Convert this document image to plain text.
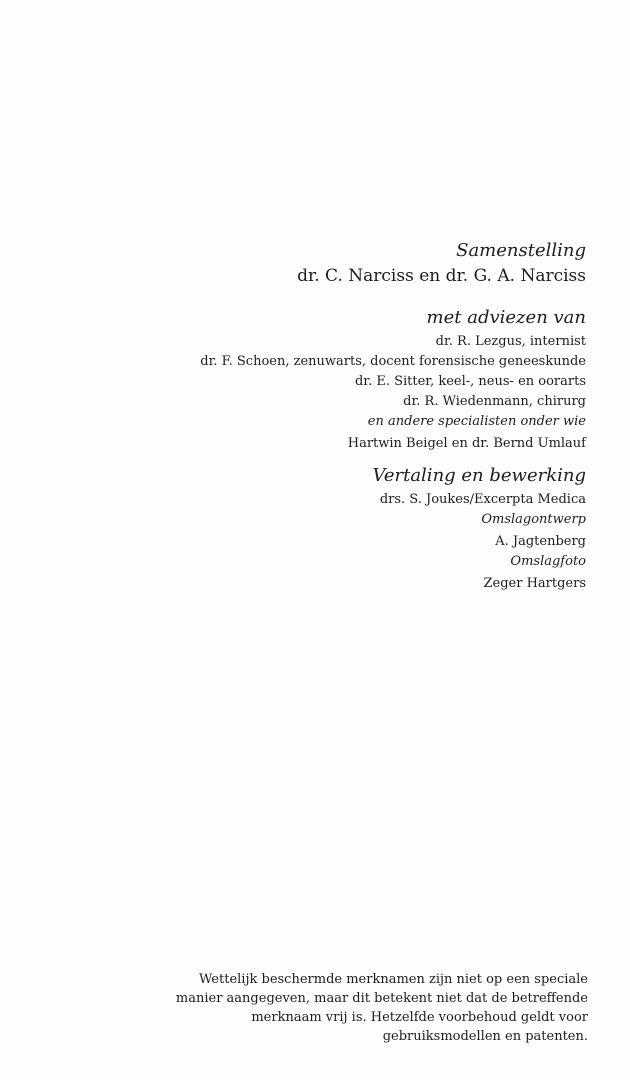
Samenstelling
dr. C. Narciss en dr. G. A. Narciss
met adviezen van
dr. R. Lezgus, internist
dr. F. Schoen, zenuwarts, docent forensische geneeskunde
dr. E. Sitter, keel-, neus- en oorarts
dr. R. Wiedenmann, chirurg
en andere specialisten onder wie
Hartwin Beigel en dr. Bernd Umlauf
Vertaling en bewerking
drs. S. Joukes/Excerpta Medica
Omslagontwerp
A. Jagtenberg
Omslagfoto
Zeger Hartgers
Wettelijk beschermde merknamen zijn niet op een speciale
manier aangegeven, maar dit betekent niet dat de betreffende
merknaam vrij is. Hetzelfde voorbehoud geldt voor
gebruiksmodellen en patenten.
